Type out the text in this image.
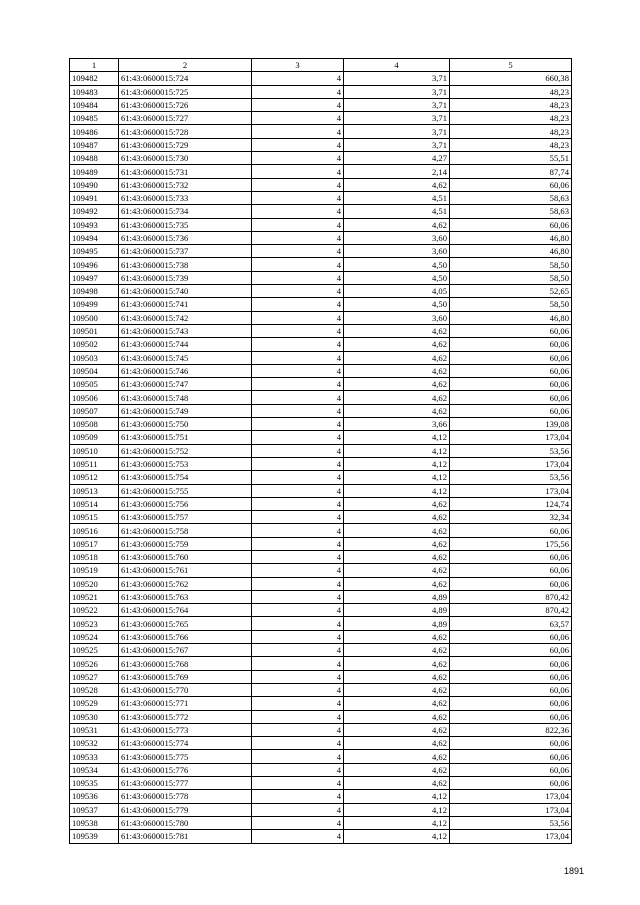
1	2	3	4	5
109482	61:43:0600015:724	4	3,71	660,38
109483	61:43:0600015:725	4	3,71	48,23
109484	61:43:0600015:726	4	3,71	48,23
109485	61:43:0600015:727	4	3,71	48,23
109486	61:43:0600015:728	4	3,71	48,23
109487	61:43:0600015:729	4	3,71	48,23
109488	61:43:0600015:730	4	4,27	55,51
109489	61:43:0600015:731	4	2,14	87,74
109490	61:43:0600015:732	4	4,62	60,06
109491	61:43:0600015:733	4	4,51	58,63
109492	61:43:0600015:734	4	4,51	58,63
109493	61:43:0600015:735	4	4,62	60,06
109494	61:43:0600015:736	4	3,60	46,80
109495	61:43:0600015:737	4	3,60	46,80
109496	61:43:0600015:738	4	4,50	58,50
109497	61:43:0600015:739	4	4,50	58,50
109498	61:43:0600015:740	4	4,05	52,65
109499	61:43:0600015:741	4	4,50	58,50
109500	61:43:0600015:742	4	3,60	46,80
109501	61:43:0600015:743	4	4,62	60,06
109502	61:43:0600015:744	4	4,62	60,06
109503	61:43:0600015:745	4	4,62	60,06
109504	61:43:0600015:746	4	4,62	60,06
109505	61:43:0600015:747	4	4,62	60,06
109506	61:43:0600015:748	4	4,62	60,06
109507	61:43:0600015:749	4	4,62	60,06
109508	61:43:0600015:750	4	3,66	139,08
109509	61:43:0600015:751	4	4,12	173,04
109510	61:43:0600015:752	4	4,12	53,56
109511	61:43:0600015:753	4	4,12	173,04
109512	61:43:0600015:754	4	4,12	53,56
109513	61:43:0600015:755	4	4,12	173,04
109514	61:43:0600015:756	4	4,62	124,74
109515	61:43:0600015:757	4	4,62	32,34
109516	61:43:0600015:758	4	4,62	60,06
109517	61:43:0600015:759	4	4,62	175,56
109518	61:43:0600015:760	4	4,62	60,06
109519	61:43:0600015:761	4	4,62	60,06
109520	61:43:0600015:762	4	4,62	60,06
109521	61:43:0600015:763	4	4,89	870,42
109522	61:43:0600015:764	4	4,89	870,42
109523	61:43:0600015:765	4	4,89	63,57
109524	61:43:0600015:766	4	4,62	60,06
109525	61:43:0600015:767	4	4,62	60,06
109526	61:43:0600015:768	4	4,62	60,06
109527	61:43:0600015:769	4	4,62	60,06
109528	61:43:0600015:770	4	4,62	60,06
109529	61:43:0600015:771	4	4,62	60,06
109530	61:43:0600015:772	4	4,62	60,06
109531	61:43:0600015:773	4	4,62	822,36
109532	61:43:0600015:774	4	4,62	60,06
109533	61:43:0600015:775	4	4,62	60,06
109534	61:43:0600015:776	4	4,62	60,06
109535	61:43:0600015:777	4	4,62	60,06
109536	61:43:0600015:778	4	4,12	173,04
109537	61:43:0600015:779	4	4,12	173,04
109538	61:43:0600015:780	4	4,12	53,56
109539	61:43:0600015:781	4	4,12	173,04
1891
